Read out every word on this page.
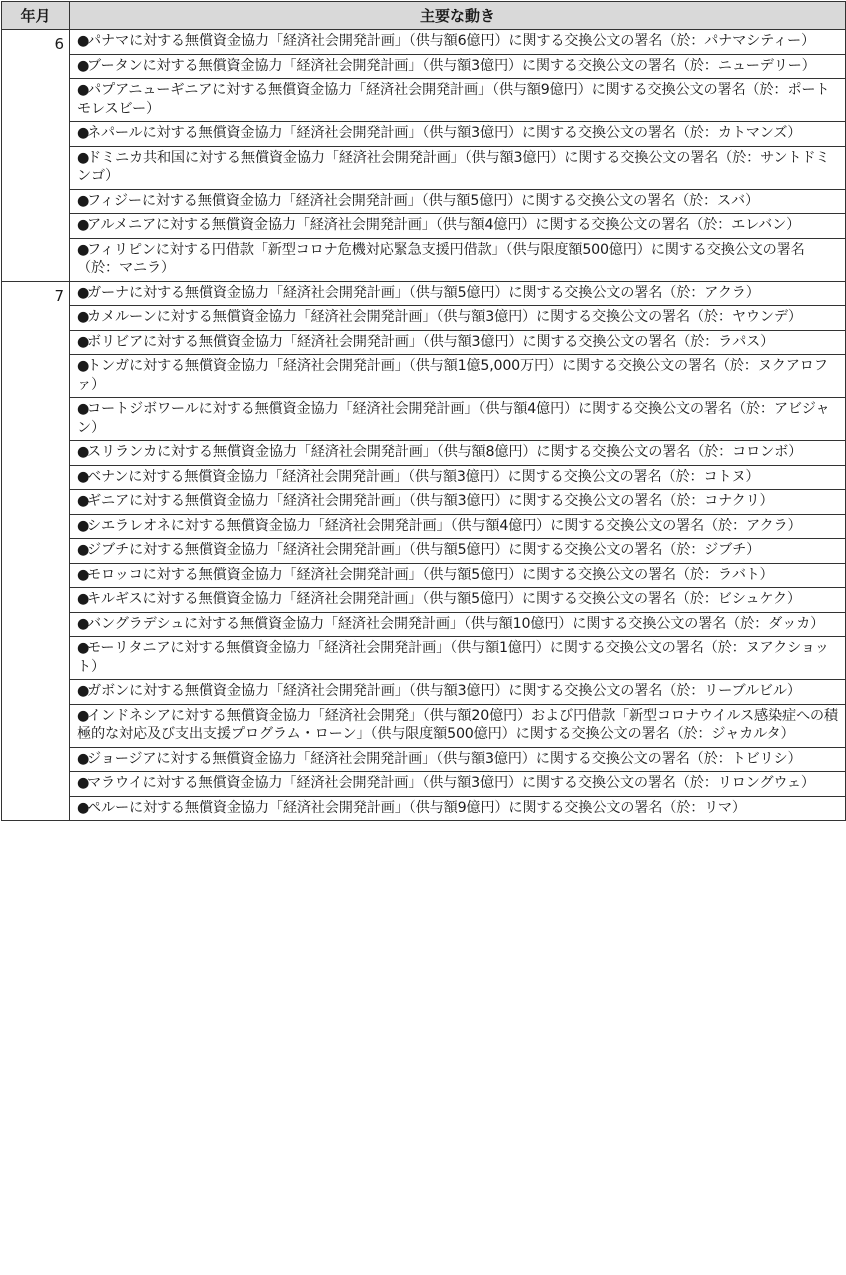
年月	主要な動き
6	●パナマに対する無償資金協力「経済社会開発計画」（供与額6億円）に関する交換公文の署名（於：パナマシティー）
	●ブータンに対する無償資金協力「経済社会開発計画」（供与額3億円）に関する交換公文の署名（於：ニューデリー）
	●パプアニューギニアに対する無償資金協力「経済社会開発計画」（供与額9億円）に関する交換公文の署名（於：ポートモレスビー）
	●ネパールに対する無償資金協力「経済社会開発計画」（供与額3億円）に関する交換公文の署名（於：カトマンズ）
	●ドミニカ共和国に対する無償資金協力「経済社会開発計画」（供与額3億円）に関する交換公文の署名（於：サントドミンゴ）
	●フィジーに対する無償資金協力「経済社会開発計画」（供与額5億円）に関する交換公文の署名（於：スバ）
	●アルメニアに対する無償資金協力「経済社会開発計画」（供与額4億円）に関する交換公文の署名（於：エレバン）
	●フィリピンに対する円借款「新型コロナ危機対応緊急支援円借款」（供与限度額500億円）に関する交換公文の署名（於：マニラ）
7	●ガーナに対する無償資金協力「経済社会開発計画」（供与額5億円）に関する交換公文の署名（於：アクラ）
	●カメルーンに対する無償資金協力「経済社会開発計画」（供与額3億円）に関する交換公文の署名（於：ヤウンデ）
	●ボリビアに対する無償資金協力「経済社会開発計画」（供与額3億円）に関する交換公文の署名（於：ラパス）
	●トンガに対する無償資金協力「経済社会開発計画」（供与額1億5,000万円）に関する交換公文の署名（於：ヌクアロファ）
	●コートジボワールに対する無償資金協力「経済社会開発計画」（供与額4億円）に関する交換公文の署名（於：アビジャン）
	●スリランカに対する無償資金協力「経済社会開発計画」（供与額8億円）に関する交換公文の署名（於：コロンボ）
	●ベナンに対する無償資金協力「経済社会開発計画」（供与額3億円）に関する交換公文の署名（於：コトヌ）
	●ギニアに対する無償資金協力「経済社会開発計画」（供与額3億円）に関する交換公文の署名（於：コナクリ）
	●シエラレオネに対する無償資金協力「経済社会開発計画」（供与額4億円）に関する交換公文の署名（於：アクラ）
	●ジブチに対する無償資金協力「経済社会開発計画」（供与額5億円）に関する交換公文の署名（於：ジブチ）
	●モロッコに対する無償資金協力「経済社会開発計画」（供与額5億円）に関する交換公文の署名（於：ラバト）
	●キルギスに対する無償資金協力「経済社会開発計画」（供与額5億円）に関する交換公文の署名（於：ビシュケク）
	●バングラデシュに対する無償資金協力「経済社会開発計画」（供与額10億円）に関する交換公文の署名（於：ダッカ）
	●モーリタニアに対する無償資金協力「経済社会開発計画」（供与額1億円）に関する交換公文の署名（於：ヌアクショット）
	●ガボンに対する無償資金協力「経済社会開発計画」（供与額3億円）に関する交換公文の署名（於：リーブルビル）
	●インドネシアに対する無償資金協力「経済社会開発」（供与額20億円）および円借款「新型コロナウイルス感染症への積極的な対応及び支出支援プログラム・ローン」（供与限度額500億円）に関する交換公文の署名（於：ジャカルタ）
	●ジョージアに対する無償資金協力「経済社会開発計画」（供与額3億円）に関する交換公文の署名（於：トビリシ）
	●マラウイに対する無償資金協力「経済社会開発計画」（供与額3億円）に関する交換公文の署名（於：リロングウェ）
	●ペルーに対する無償資金協力「経済社会開発計画」（供与額9億円）に関する交換公文の署名（於：リマ）
